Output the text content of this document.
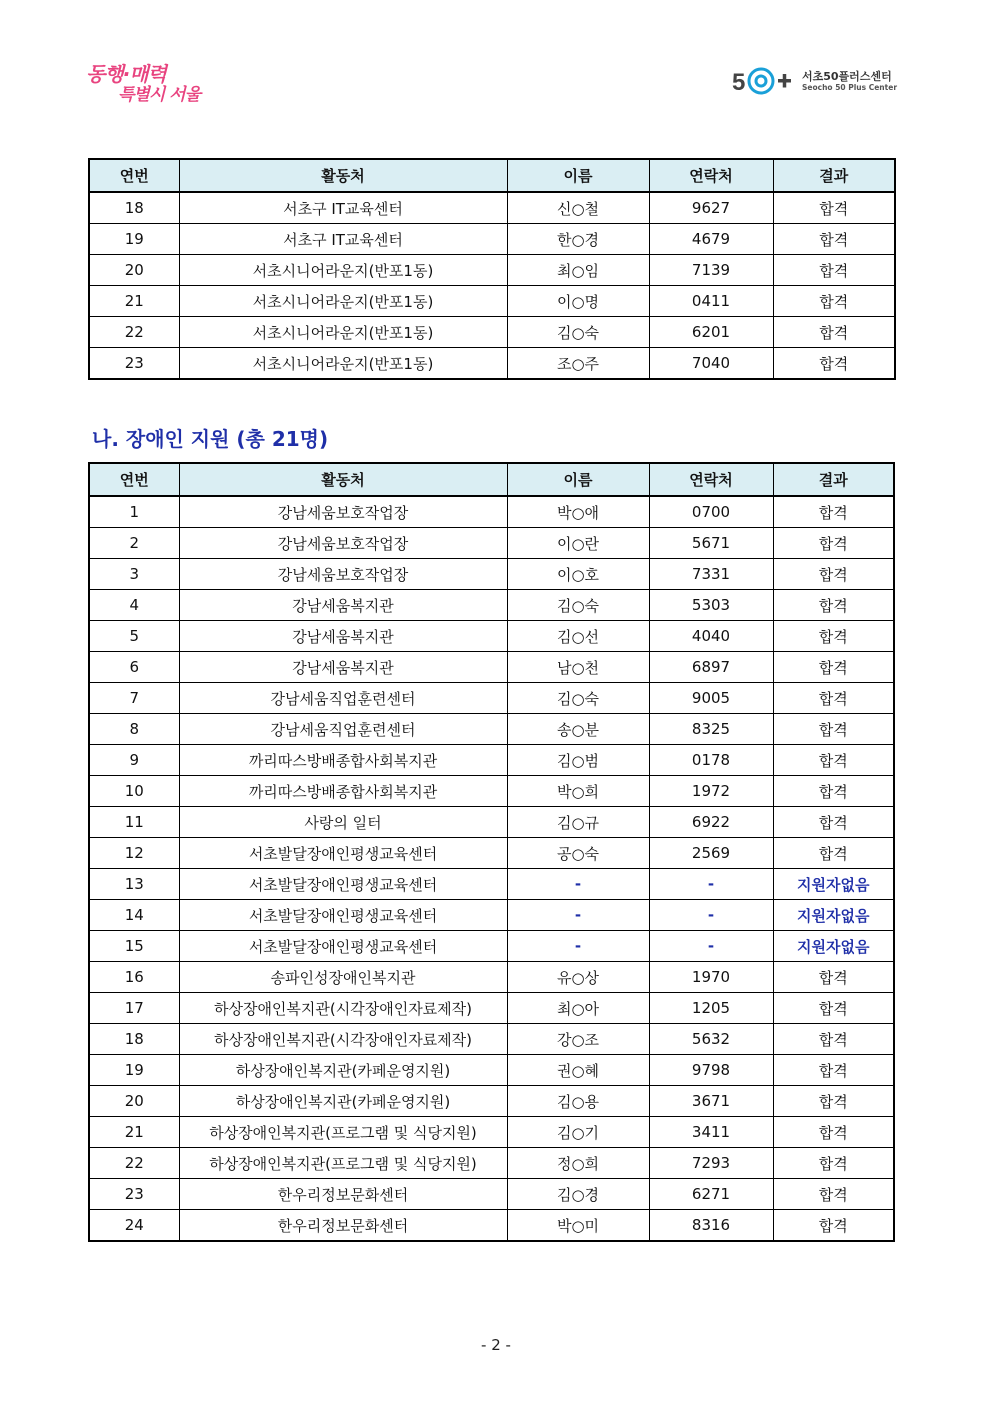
동행·매력
특별시 서울	5	서초50플러스센터
Seocho 50 Plus Center
연번	활동처	이름	연락처	결과
18	서초구 IT교육센터	신○철	9627	합격
19	서초구 IT교육센터	한○경	4679	합격
20	서초시니어라운지(반포1동)	최○임	7139	합격
21	서초시니어라운지(반포1동)	이○명	0411	합격
22	서초시니어라운지(반포1동)	김○숙	6201	합격
23	서초시니어라운지(반포1동)	조○주	7040	합격
나. 장애인 지원 (총 21명)
연번	활동처	이름	연락처	결과
1	강남세움보호작업장	박○애	0700	합격
2	강남세움보호작업장	이○란	5671	합격
3	강남세움보호작업장	이○호	7331	합격
4	강남세움복지관	김○숙	5303	합격
5	강남세움복지관	김○선	4040	합격
6	강남세움복지관	남○천	6897	합격
7	강남세움직업훈련센터	김○숙	9005	합격
8	강남세움직업훈련센터	송○분	8325	합격
9	까리따스방배종합사회복지관	김○범	0178	합격
10	까리따스방배종합사회복지관	박○희	1972	합격
11	사랑의 일터	김○규	6922	합격
12	서초발달장애인평생교육센터	공○숙	2569	합격
13	서초발달장애인평생교육센터	-	-	지원자없음
14	서초발달장애인평생교육센터	-	-	지원자없음
15	서초발달장애인평생교육센터	-	-	지원자없음
16	송파인성장애인복지관	유○상	1970	합격
17	하상장애인복지관(시각장애인자료제작)	최○아	1205	합격
18	하상장애인복지관(시각장애인자료제작)	강○조	5632	합격
19	하상장애인복지관(카페운영지원)	권○혜	9798	합격
20	하상장애인복지관(카페운영지원)	김○용	3671	합격
21	하상장애인복지관(프로그램 및 식당지원)	김○기	3411	합격
22	하상장애인복지관(프로그램 및 식당지원)	정○희	7293	합격
23	한우리정보문화센터	김○경	6271	합격
24	한우리정보문화센터	박○미	8316	합격
- 2 -
